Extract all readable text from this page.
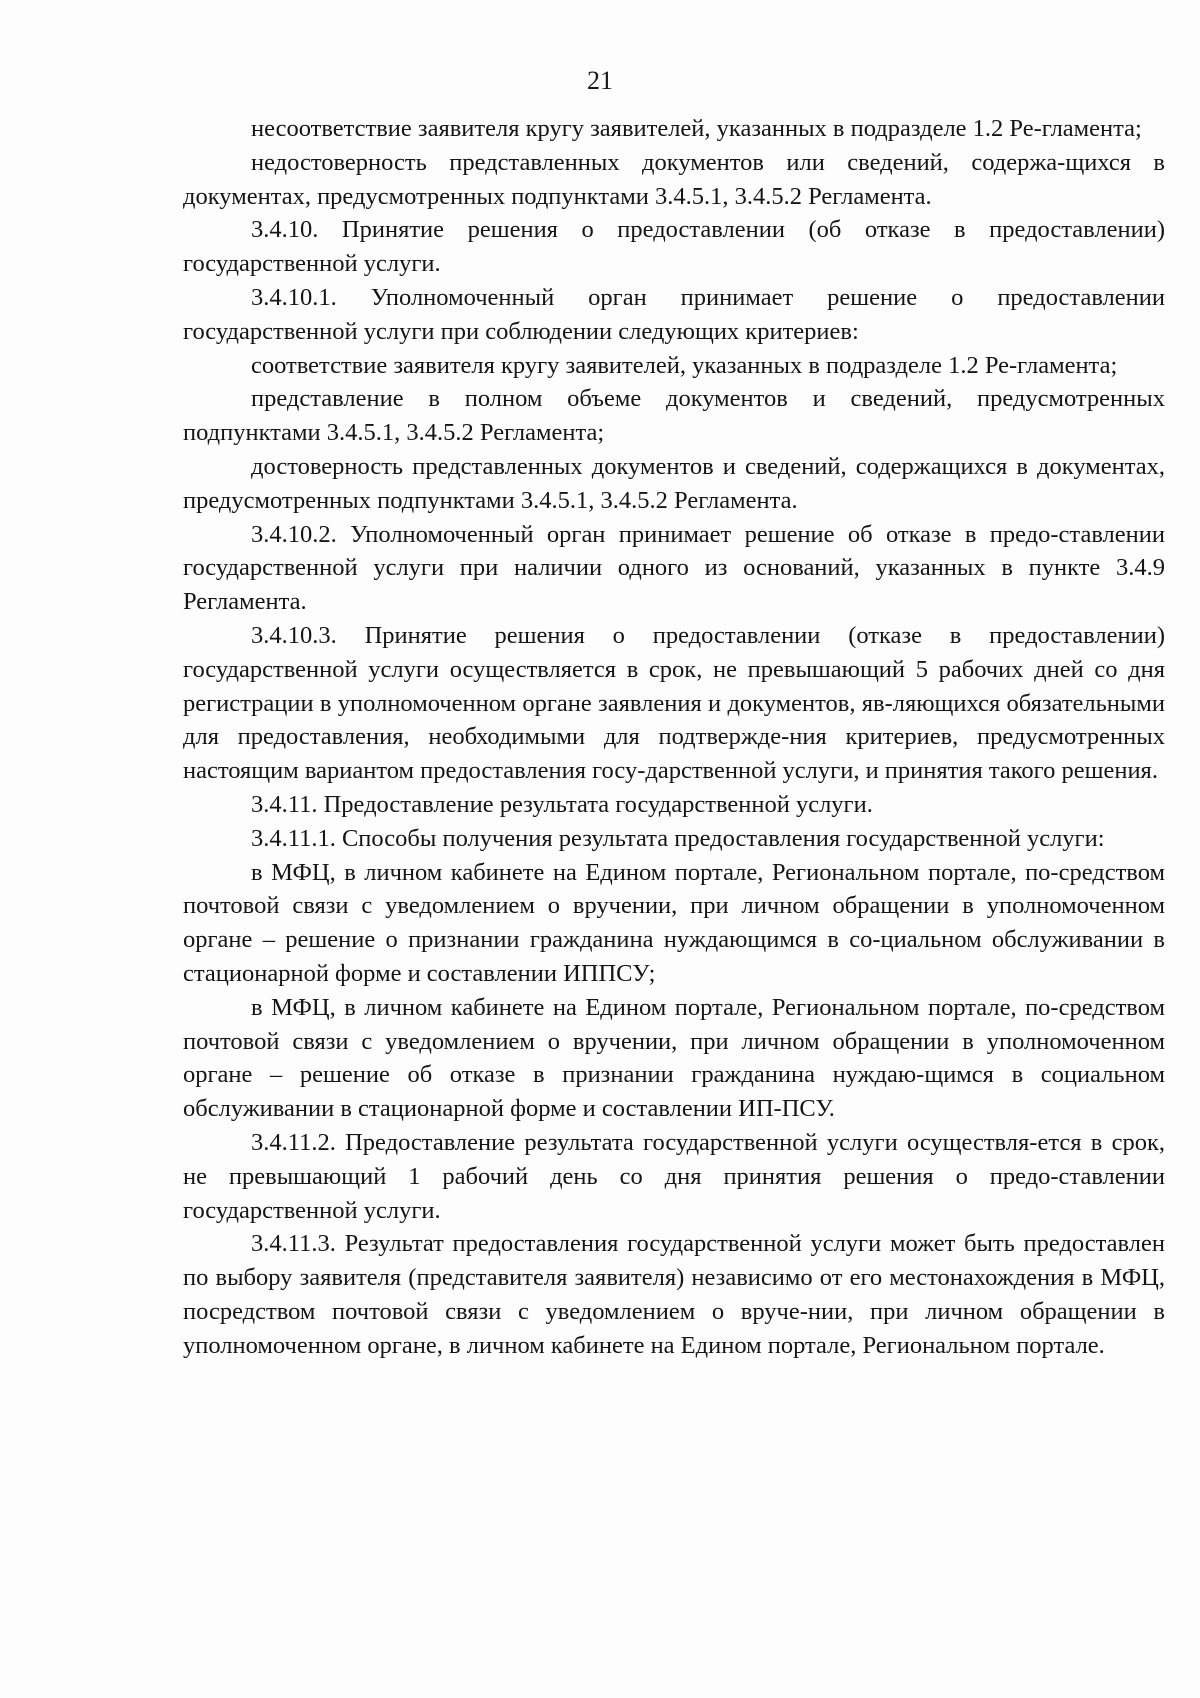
21

несоответствие заявителя кругу заявителей, указанных в подразделе 1.2 Ре-гламента;

недостоверность представленных документов или сведений, содержа-щихся в документах, предусмотренных подпунктами 3.4.5.1, 3.4.5.2 Регламента.

3.4.10. Принятие решения о предоставлении (об отказе в предоставлении) государственной услуги.

3.4.10.1. Уполномоченный орган принимает решение о предоставлении государственной услуги при соблюдении следующих критериев:

соответствие заявителя кругу заявителей, указанных в подразделе 1.2 Ре-гламента;

представление в полном объеме документов и сведений, предусмотренных подпунктами 3.4.5.1, 3.4.5.2 Регламента;

достоверность представленных документов и сведений, содержащихся в документах, предусмотренных подпунктами 3.4.5.1, 3.4.5.2 Регламента.

3.4.10.2. Уполномоченный орган принимает решение об отказе в предо-ставлении государственной услуги при наличии одного из оснований, указанных в пункте 3.4.9 Регламента.

3.4.10.3. Принятие решения о предоставлении (отказе в предоставлении) государственной услуги осуществляется в срок, не превышающий 5 рабочих дней со дня регистрации в уполномоченном органе заявления и документов, яв-ляющихся обязательными для предоставления, необходимыми для подтвержде-ния критериев, предусмотренных настоящим вариантом предоставления госу-дарственной услуги, и принятия такого решения.

3.4.11. Предоставление результата государственной услуги.

3.4.11.1. Способы получения результата предоставления государственной услуги:

в МФЦ, в личном кабинете на Едином портале, Региональном портале, по-средством почтовой связи с уведомлением о вручении, при личном обращении в уполномоченном органе – решение о признании гражданина нуждающимся в со-циальном обслуживании в стационарной форме и составлении ИППСУ;

в МФЦ, в личном кабинете на Едином портале, Региональном портале, по-средством почтовой связи с уведомлением о вручении, при личном обращении в уполномоченном органе – решение об отказе в признании гражданина нуждаю-щимся в социальном обслуживании в стационарной форме и составлении ИП-ПСУ.

3.4.11.2. Предоставление результата государственной услуги осуществля-ется в срок, не превышающий 1 рабочий день со дня принятия решения о предо-ставлении государственной услуги.

3.4.11.3. Результат предоставления государственной услуги может быть предоставлен по выбору заявителя (представителя заявителя) независимо от его местонахождения в МФЦ, посредством почтовой связи с уведомлением о вруче-нии, при личном обращении в уполномоченном органе, в личном кабинете на Едином портале, Региональном портале.
